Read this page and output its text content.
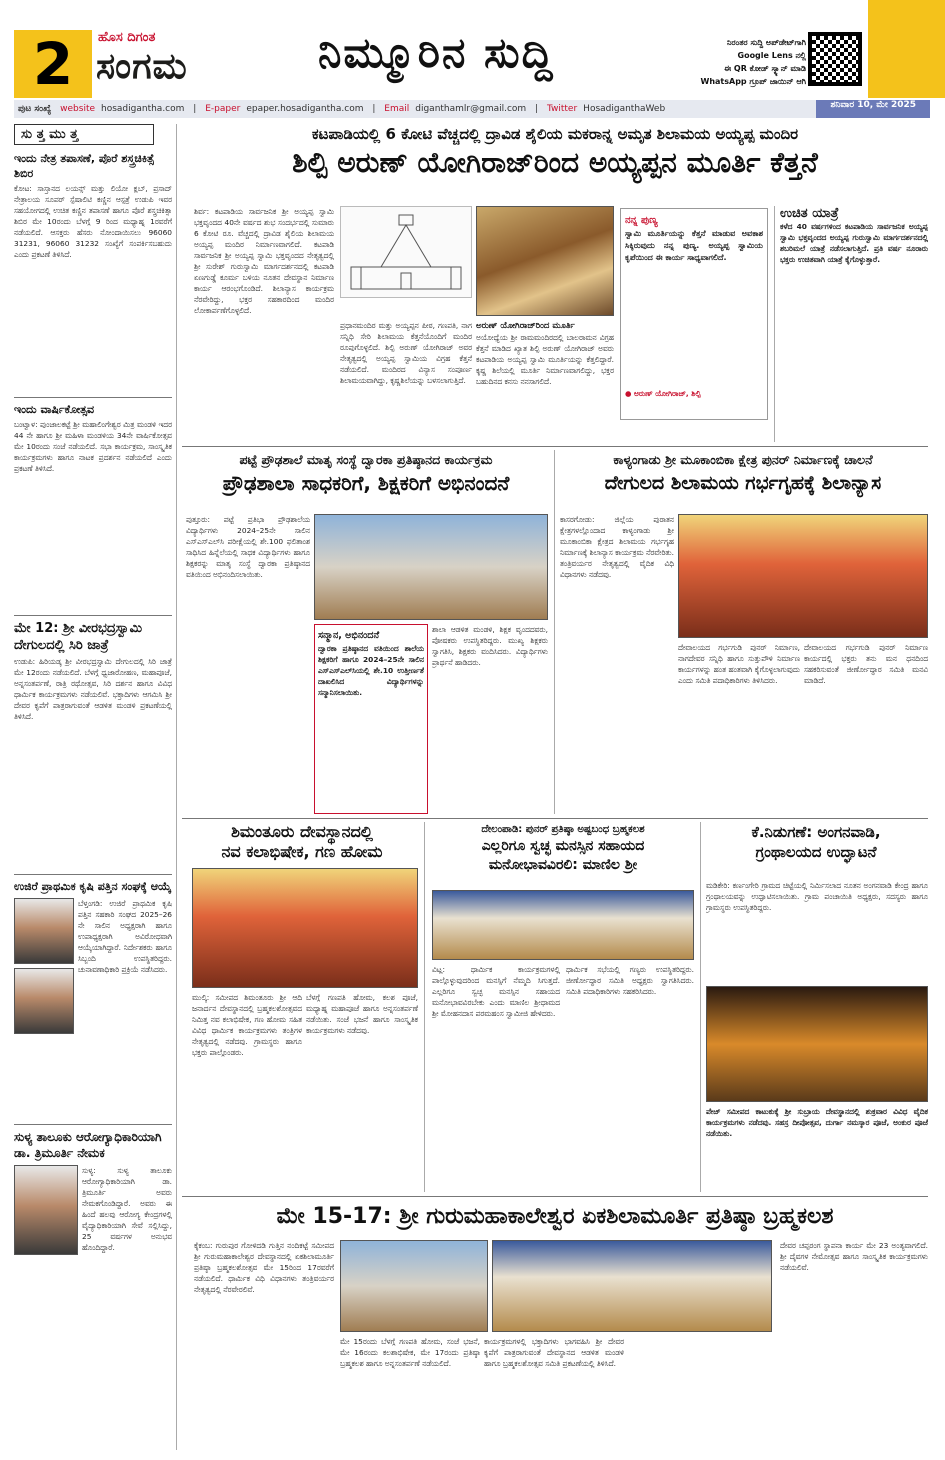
2	ಹೊಸ ದಿಗಂತ
ಸಂಗಮ	ನಿಮ್ಮೂರಿನ ಸುದ್ದಿ	ನಿರಂತರ ಸುದ್ದಿ ಅಪ್‌ಡೇಟ್‌ಗಾಗಿ
Google Lens ನಲ್ಲಿ
ಈ QR ಕೋಡ್ ಸ್ಕ್ಯಾನ್ ಮಾಡಿ
WhatsApp ಗ್ರೂಪ್ ಜಾಯಿನ್ ಆಗಿ
ಪುಟ ಸಂಖ್ಯೆ website hosadigantha.com | E-paper epaper.hosadigantha.com | Email diganthamlr@gmail.com | Twitter HosadiganthaWeb	ಶನಿವಾರ 10, ಮೇ 2025
ಸು ತ್ತ ಮು ತ್ತ
ಇಂದು ನೇತ್ರ ತಪಾಸಣೆ, ಪೊರೆ ಶಸ್ತ್ರಚಿಕಿತ್ಸೆ ಶಿಬಿರ
ಕೋಟ: ಸಾಸ್ತಾನದ ಲಯನ್ಸ್ ಮತ್ತು ಲಿಯೋ ಕ್ಲಬ್, ಪ್ರಸಾದ್ ನೇತ್ರಾಲಯ ಸೂಪರ್ ಸ್ಪೆಷಾಲಿಟಿ ಕಣ್ಣಿನ ಆಸ್ಪತ್ರೆ ಉಡುಪಿ ಇವರ ಸಹಯೋಗದಲ್ಲಿ ಉಚಿತ ಕಣ್ಣಿನ ತಪಾಸಣೆ ಹಾಗೂ ಪೊರೆ ಶಸ್ತ್ರಚಿಕಿತ್ಸಾ ಶಿಬಿರ ಮೇ 10ರಂದು ಬೆಳಗ್ಗೆ 9 ರಿಂದ ಮಧ್ಯಾಹ್ನ 1ರವರೆಗೆ ನಡೆಯಲಿದೆ. ಆಸಕ್ತರು ಹೆಸರು ನೋಂದಾಯಿಸಲು 96060 31231, 96060 31232 ಸಂಖ್ಯೆಗೆ ಸಂಪರ್ಕಿಸಬಹುದು ಎಂದು ಪ್ರಕಟಣೆ ತಿಳಿಸಿದೆ.
ಇಂದು ವಾರ್ಷಿಕೋತ್ಸವ
ಬಂಟ್ವಾಳ: ಪುಂಜಾಲಕಟ್ಟೆ ಶ್ರೀ ಮಹಾಲಿಂಗೇಶ್ವರ ಮಿತ್ರ ಮಂಡಳಿ ಇದರ 44 ನೇ ಹಾಗೂ ಶ್ರೀ ಮಹಿಳಾ ಮಂಡಳಿಯ 34ನೇ ವಾರ್ಷಿಕೋತ್ಸವ ಮೇ 10ರಂದು ಸಂಜೆ ನಡೆಯಲಿದೆ. ಸಭಾ ಕಾರ್ಯಕ್ರಮ, ಸಾಂಸ್ಕೃತಿಕ ಕಾರ್ಯಕ್ರಮಗಳು ಹಾಗೂ ನಾಟಕ ಪ್ರದರ್ಶನ ನಡೆಯಲಿದೆ ಎಂದು ಪ್ರಕಟಣೆ ತಿಳಿಸಿದೆ.
ಮೇ 12: ಶ್ರೀ ವೀರಭದ್ರಸ್ವಾಮಿ ದೇಗುಲದಲ್ಲಿ ಸಿರಿ ಜಾತ್ರೆ
ಉಡುಪಿ: ಹಿರಿಯಡ್ಕ ಶ್ರೀ ವೀರಭದ್ರಸ್ವಾಮಿ ದೇಗುಲದಲ್ಲಿ ಸಿರಿ ಜಾತ್ರೆ ಮೇ 12ರಂದು ನಡೆಯಲಿದೆ. ಬೆಳಗ್ಗೆ ಧ್ವಜಾರೋಹಣ, ಮಹಾಪೂಜೆ, ಅನ್ನಸಂತರ್ಪಣೆ, ರಾತ್ರಿ ರಥೋತ್ಸವ, ಸಿರಿ ದರ್ಶನ ಹಾಗೂ ವಿವಿಧ ಧಾರ್ಮಿಕ ಕಾರ್ಯಕ್ರಮಗಳು ನಡೆಯಲಿವೆ. ಭಕ್ತಾದಿಗಳು ಆಗಮಿಸಿ ಶ್ರೀ ದೇವರ ಕೃಪೆಗೆ ಪಾತ್ರರಾಗುವಂತೆ ಆಡಳಿತ ಮಂಡಳಿ ಪ್ರಕಟಣೆಯಲ್ಲಿ ತಿಳಿಸಿದೆ.
ಉಜಿರೆ ಪ್ರಾಥಮಿಕ ಕೃಷಿ ಪತ್ತಿನ ಸಂಘಕ್ಕೆ ಆಯ್ಕೆ
ಬೆಳ್ತಂಗಡಿ: ಉಜಿರೆ ಪ್ರಾಥಮಿಕ ಕೃಷಿ ಪತ್ತಿನ ಸಹಕಾರಿ ಸಂಘದ 2025–26 ನೇ ಸಾಲಿನ ಅಧ್ಯಕ್ಷರಾಗಿ ಹಾಗೂ ಉಪಾಧ್ಯಕ್ಷರಾಗಿ ಅವಿರೋಧವಾಗಿ ಆಯ್ಕೆಯಾಗಿದ್ದಾರೆ. ನಿರ್ದೇಶಕರು ಹಾಗೂ ಸಿಬ್ಬಂದಿ ಉಪಸ್ಥಿತರಿದ್ದರು. ಚುನಾವಣಾಧಿಕಾರಿ ಪ್ರಕ್ರಿಯೆ ನಡೆಸಿದರು.
ಸುಳ್ಯ ತಾಲೂಕು ಆರೋಗ್ಯಾಧಿಕಾರಿಯಾಗಿ ಡಾ. ತ್ರಿಮೂರ್ತಿ ನೇಮಕ
ಸುಳ್ಯ: ಸುಳ್ಯ ತಾಲೂಕು ಆರೋಗ್ಯಾಧಿಕಾರಿಯಾಗಿ ಡಾ. ತ್ರಿಮೂರ್ತಿ ಅವರು ನೇಮಕಗೊಂಡಿದ್ದಾರೆ. ಅವರು ಈ ಹಿಂದೆ ಹಲವು ಆರೋಗ್ಯ ಕೇಂದ್ರಗಳಲ್ಲಿ ವೈದ್ಯಾಧಿಕಾರಿಯಾಗಿ ಸೇವೆ ಸಲ್ಲಿಸಿದ್ದು, 25 ವರ್ಷಗಳ ಅನುಭವ ಹೊಂದಿದ್ದಾರೆ.
ಕಟಪಾಡಿಯಲ್ಲಿ 6 ಕೋಟಿ ವೆಚ್ಚದಲ್ಲಿ ದ್ರಾವಿಡ ಶೈಲಿಯ ಮಕರಾನ್ನ ಅಮೃತ ಶಿಲಾಮಯ ಅಯ್ಯಪ್ಪ ಮಂದಿರ
ಶಿಲ್ಪಿ ಅರುಣ್ ಯೋಗಿರಾಜ್‌ರಿಂದ ಅಯ್ಯಪ್ಪನ ಮೂರ್ತಿ ಕೆತ್ತನೆ
ಶಿರ್ವ: ಕಟಪಾಡಿಯ ಸಾರ್ವಜನಿಕ ಶ್ರೀ ಅಯ್ಯಪ್ಪ ಸ್ವಾಮಿ ಭಕ್ತವೃಂದದ 40ನೇ ವರ್ಷದ ಶುಭ ಸಂದರ್ಭದಲ್ಲಿ ಸುಮಾರು 6 ಕೋಟಿ ರೂ. ವೆಚ್ಚದಲ್ಲಿ ದ್ರಾವಿಡ ಶೈಲಿಯ ಶಿಲಾಮಯ ಅಯ್ಯಪ್ಪ ಮಂದಿರ ನಿರ್ಮಾಣವಾಗಲಿದೆ. ಕಟಪಾಡಿ ಸಾರ್ವಜನಿಕ ಶ್ರೀ ಅಯ್ಯಪ್ಪ ಸ್ವಾಮಿ ಭಕ್ತವೃಂದದ ನೇತೃತ್ವದಲ್ಲಿ ಶ್ರೀ ಸುರೇಶ್ ಗುರುಸ್ವಾಮಿ ಮಾರ್ಗದರ್ಶನದಲ್ಲಿ ಕಟಪಾಡಿ ಏಣಗುಡ್ಡೆ ಕೂರ್ಮ ಬಳಿಯ ನೂತನ ದೇವಸ್ಥಾನ ನಿರ್ಮಾಣ ಕಾರ್ಯ ಆರಂಭಗೊಂಡಿದೆ. ಶಿಲಾನ್ಯಾಸ ಕಾರ್ಯಕ್ರಮ ನೆರವೇರಿದ್ದು, ಭಕ್ತರ ಸಹಕಾರದಿಂದ ಮಂದಿರ ಲೋಕಾರ್ಪಣೆಗೊಳ್ಳಲಿದೆ.
ಪ್ರಧಾನಮಂದಿರ ಮತ್ತು ಅಯ್ಯಪ್ಪನ ಪೀಠ, ಗಣಪತಿ, ನಾಗ ಸನ್ನಿಧಿ ಸೇರಿ ಶಿಲಾಮಯ ಕೆತ್ತನೆಯೊಂದಿಗೆ ಮಂದಿರ ರೂಪುಗೊಳ್ಳಲಿದೆ. ಶಿಲ್ಪಿ ಅರುಣ್ ಯೋಗಿರಾಜ್ ಅವರ ನೇತೃತ್ವದಲ್ಲಿ ಅಯ್ಯಪ್ಪ ಸ್ವಾಮಿಯ ವಿಗ್ರಹ ಕೆತ್ತನೆ ನಡೆಯಲಿದೆ. ಮಂದಿರದ ವಿನ್ಯಾಸ ಸಂಪೂರ್ಣ ಶಿಲಾಮಯವಾಗಿದ್ದು, ಕೃಷ್ಣಶಿಲೆಯನ್ನು ಬಳಸಲಾಗುತ್ತಿದೆ.
ಅರುಣ್ ಯೋಗಿರಾಜ್‌ರಿಂದ ಮೂರ್ತಿ
ಅಯೋಧ್ಯೆಯ ಶ್ರೀ ರಾಮಮಂದಿರದಲ್ಲಿ ಬಾಲರಾಮನ ವಿಗ್ರಹ ಕೆತ್ತನೆ ಮಾಡಿದ ಖ್ಯಾತ ಶಿಲ್ಪಿ ಅರುಣ್ ಯೋಗಿರಾಜ್ ಅವರು ಕಟಪಾಡಿಯ ಅಯ್ಯಪ್ಪ ಸ್ವಾಮಿ ಮೂರ್ತಿಯನ್ನು ಕೆತ್ತಲಿದ್ದಾರೆ. ಕೃಷ್ಣ ಶಿಲೆಯಲ್ಲಿ ಮೂರ್ತಿ ನಿರ್ಮಾಣವಾಗಲಿದ್ದು, ಭಕ್ತರ ಬಹುದಿನದ ಕನಸು ನನಸಾಗಲಿದೆ.
ನನ್ನ ಪುಣ್ಯ
ಸ್ವಾಮಿ ಮೂರ್ತಿಯನ್ನು ಕೆತ್ತನೆ ಮಾಡುವ ಅವಕಾಶ ಸಿಕ್ಕಿರುವುದು ನನ್ನ ಪುಣ್ಯ. ಅಯ್ಯಪ್ಪ ಸ್ವಾಮಿಯ ಕೃಪೆಯಿಂದ ಈ ಕಾರ್ಯ ಸಾಧ್ಯವಾಗಲಿದೆ.
● ಅರುಣ್ ಯೋಗಿರಾಜ್, ಶಿಲ್ಪಿ
ಉಚಿತ ಯಾತ್ರೆ
ಕಳೆದ 40 ವರ್ಷಗಳಿಂದ ಕಟಪಾಡಿಯ ಸಾರ್ವಜನಿಕ ಅಯ್ಯಪ್ಪ ಸ್ವಾಮಿ ಭಕ್ತವೃಂದದ ಅಯ್ಯಪ್ಪ ಗುರುಸ್ವಾಮಿ ಮಾರ್ಗದರ್ಶನದಲ್ಲಿ ಶಬರಿಮಲೆ ಯಾತ್ರೆ ನಡೆಸಲಾಗುತ್ತಿದೆ. ಪ್ರತಿ ವರ್ಷ ನೂರಾರು ಭಕ್ತರು ಉಚಿತವಾಗಿ ಯಾತ್ರೆ ಕೈಗೊಳ್ಳುತ್ತಾರೆ.
ಪಟ್ಟೆ ಪ್ರೌಢಶಾಲೆ ಮಾತೃ ಸಂಸ್ಥೆ ದ್ವಾರಕಾ ಪ್ರತಿಷ್ಠಾನದ ಕಾರ್ಯಕ್ರಮ
ಪ್ರೌಢಶಾಲಾ ಸಾಧಕರಿಗೆ, ಶಿಕ್ಷಕರಿಗೆ ಅಭಿನಂದನೆ
ಪುತ್ತೂರು: ಪಟ್ಟೆ ಪ್ರತಿಭಾ ಪ್ರೌಢಶಾಲೆಯ ವಿದ್ಯಾರ್ಥಿಗಳು 2024–25ನೇ ಸಾಲಿನ ಎಸ್ಎಸ್ಎಲ್‌ಸಿ ಪರೀಕ್ಷೆಯಲ್ಲಿ ಶೇ.100 ಫಲಿತಾಂಶ ಸಾಧಿಸಿದ ಹಿನ್ನೆಲೆಯಲ್ಲಿ ಸಾಧಕ ವಿದ್ಯಾರ್ಥಿಗಳು ಹಾಗೂ ಶಿಕ್ಷಕರನ್ನು ಮಾತೃ ಸಂಸ್ಥೆ ದ್ವಾರಕಾ ಪ್ರತಿಷ್ಠಾನದ ವತಿಯಿಂದ ಅಭಿನಂದಿಸಲಾಯಿತು.
ಸನ್ಮಾನ, ಅಭಿನಂದನೆ
ದ್ವಾರಕಾ ಪ್ರತಿಷ್ಠಾನದ ವತಿಯಿಂದ ಶಾಲೆಯ ಶಿಕ್ಷಕರಿಗೆ ಹಾಗೂ 2024–25ನೇ ಸಾಲಿನ ಎಸ್ಎಸ್ಎಲ್‌ಸಿಯಲ್ಲಿ ಶೇ.10 ಉತ್ತೀರ್ಣತೆ ದಾಖಲಿಸಿದ ವಿದ್ಯಾರ್ಥಿಗಳನ್ನು ಸನ್ಮಾನಿಸಲಾಯಿತು.
ಶಾಲಾ ಆಡಳಿತ ಮಂಡಳಿ, ಶಿಕ್ಷಕ ವೃಂದದವರು, ಪೋಷಕರು ಉಪಸ್ಥಿತರಿದ್ದರು. ಮುಖ್ಯ ಶಿಕ್ಷಕರು ಸ್ವಾಗತಿಸಿ, ಶಿಕ್ಷಕರು ವಂದಿಸಿದರು. ವಿದ್ಯಾರ್ಥಿಗಳು ಪ್ರಾರ್ಥನೆ ಹಾಡಿದರು.
ಕಾಳ್ಯಂಗಾಡು ಶ್ರೀ ಮೂಕಾಂಬಿಕಾ ಕ್ಷೇತ್ರ ಪುನರ್ ನಿರ್ಮಾಣಕ್ಕೆ ಚಾಲನೆ
ದೇಗುಲದ ಶಿಲಾಮಯ ಗರ್ಭಗೃಹಕ್ಕೆ ಶಿಲಾನ್ಯಾಸ
ಕಾಸರಗೋಡು: ಜಿಲ್ಲೆಯ ಪುರಾತನ ಕ್ಷೇತ್ರಗಳಲ್ಲೊಂದಾದ ಕಾಳ್ಯಂಗಾಡು ಶ್ರೀ ಮೂಕಾಂಬಿಕಾ ಕ್ಷೇತ್ರದ ಶಿಲಾಮಯ ಗರ್ಭಗೃಹ ನಿರ್ಮಾಣಕ್ಕೆ ಶಿಲಾನ್ಯಾಸ ಕಾರ್ಯಕ್ರಮ ನೆರವೇರಿತು. ತಂತ್ರಿವರ್ಯರ ನೇತೃತ್ವದಲ್ಲಿ ವೈದಿಕ ವಿಧಿ ವಿಧಾನಗಳು ನಡೆದವು.
ದೇವಾಲಯದ ಗರ್ಭಗುಡಿ ಪುನರ್ ನಿರ್ಮಾಣ, ನಾಗದೇವರ ಸನ್ನಿಧಿ ಹಾಗೂ ಸುತ್ತುಪೌಳಿ ನಿರ್ಮಾಣ ಕಾರ್ಯಗಳನ್ನು ಹಂತ ಹಂತವಾಗಿ ಕೈಗೊಳ್ಳಲಾಗುವುದು ಎಂದು ಸಮಿತಿ ಪದಾಧಿಕಾರಿಗಳು ತಿಳಿಸಿದರು.
ದೇವಾಲಯದ ಗರ್ಭಗುಡಿ ಪುನರ್ ನಿರ್ಮಾಣ ಕಾರ್ಯದಲ್ಲಿ ಭಕ್ತರು ತನು ಮನ ಧನದಿಂದ ಸಹಕರಿಸುವಂತೆ ಜೀರ್ಣೋದ್ಧಾರ ಸಮಿತಿ ಮನವಿ ಮಾಡಿದೆ.
ಶಿಮಂತೂರು ದೇವಸ್ಥಾನದಲ್ಲಿ
ನವ ಕಲಾಭಿಷೇಕ, ಗಣ ಹೋಮ
ಮುಲ್ಕಿ: ಸಮೀಪದ ಶಿಮಂತೂರು ಶ್ರೀ ಆದಿ ಜನಾರ್ದನ ದೇವಸ್ಥಾನದಲ್ಲಿ ಬ್ರಹ್ಮಕಲಶೋತ್ಸವದ ನಿಮಿತ್ತ ನವ ಕಲಾಭಿಷೇಕ, ಗಣ ಹೋಮ ಸಹಿತ ವಿವಿಧ ಧಾರ್ಮಿಕ ಕಾರ್ಯಕ್ರಮಗಳು ತಂತ್ರಿಗಳ ನೇತೃತ್ವದಲ್ಲಿ ನಡೆದವು. ಗ್ರಾಮಸ್ಥರು ಹಾಗೂ ಭಕ್ತರು ಪಾಲ್ಗೊಂಡರು.
ಬೆಳಗ್ಗೆ ಗಣಪತಿ ಹೋಮ, ಕಲಶ ಪೂಜೆ, ಮಧ್ಯಾಹ್ನ ಮಹಾಪೂಜೆ ಹಾಗೂ ಅನ್ನಸಂತರ್ಪಣೆ ನಡೆಯಿತು. ಸಂಜೆ ಭಜನೆ ಹಾಗೂ ಸಾಂಸ್ಕೃತಿಕ ಕಾರ್ಯಕ್ರಮಗಳು ನಡೆದವು.
ದೇಲಂಪಾಡಿ: ಪುನರ್ ಪ್ರತಿಷ್ಠಾ ಅಷ್ಟಬಂಧ ಬ್ರಹ್ಮಕಲಶ
ಎಲ್ಲರಿಗೂ ಸ್ವಚ್ಛ ಮನಸ್ಸಿನ ಸಹಾಯದ
ಮನೋಭಾವವಿರಲಿ: ಮಾಣಿಲ ಶ್ರೀ
ವಿಟ್ಲ: ಧಾರ್ಮಿಕ ಕಾರ್ಯಕ್ರಮಗಳಲ್ಲಿ ಪಾಲ್ಗೊಳ್ಳುವುದರಿಂದ ಮನಸ್ಸಿಗೆ ನೆಮ್ಮದಿ ಸಿಗುತ್ತದೆ. ಎಲ್ಲರಿಗೂ ಸ್ವಚ್ಛ ಮನಸ್ಸಿನ ಸಹಾಯದ ಮನೋಭಾವವಿರಬೇಕು ಎಂದು ಮಾಣಿಲ ಶ್ರೀಧಾಮದ ಶ್ರೀ ಮೋಹನದಾಸ ಪರಮಹಂಸ ಸ್ವಾಮೀಜಿ ಹೇಳಿದರು.
ಧಾರ್ಮಿಕ ಸಭೆಯಲ್ಲಿ ಗಣ್ಯರು ಉಪಸ್ಥಿತರಿದ್ದರು. ಜೀರ್ಣೋದ್ಧಾರ ಸಮಿತಿ ಅಧ್ಯಕ್ಷರು ಸ್ವಾಗತಿಸಿದರು. ಸಮಿತಿ ಪದಾಧಿಕಾರಿಗಳು ಸಹಕರಿಸಿದರು.
ಕೆ.ನಿಡುಗಣೆ: ಅಂಗನವಾಡಿ,
ಗ್ರಂಥಾಲಯದ ಉದ್ಘಾಟನೆ
ಮಡಿಕೇರಿ: ಕರ್ಣಂಗೇರಿ ಗ್ರಾಮದ ಚಿಟ್ಟೆಯಲ್ಲಿ ನಿರ್ಮಿಸಲಾದ ನೂತನ ಅಂಗನವಾಡಿ ಕೇಂದ್ರ ಹಾಗೂ ಗ್ರಂಥಾಲಯವನ್ನು ಉದ್ಘಾಟಿಸಲಾಯಿತು. ಗ್ರಾಮ ಪಂಚಾಯಿತಿ ಅಧ್ಯಕ್ಷರು, ಸದಸ್ಯರು ಹಾಗೂ ಗ್ರಾಮಸ್ಥರು ಉಪಸ್ಥಿತರಿದ್ದರು.
ಪೇಜ್ ಸಮೀಪದ ಕಾಟುಕುಕ್ಕೆ ಶ್ರೀ ಸುಬ್ರಾಯ ದೇವಸ್ಥಾನದಲ್ಲಿ ಶುಕ್ರವಾರ ವಿವಿಧ ವೈದಿಕ ಕಾರ್ಯಕ್ರಮಗಳು ನಡೆದವು. ಸಹಸ್ರ ದೀಪೋತ್ಸವ, ದುರ್ಗಾ ನಮಸ್ಕಾರ ಪೂಜೆ, ಅಂಕುರ ಪೂಜೆ ನಡೆಯಿತು.
ಮೇ 15-17: ಶ್ರೀ ಗುರುಮಹಾಕಾಲೇಶ್ವರ ಏಕಶಿಲಾಮೂರ್ತಿ ಪ್ರತಿಷ್ಠಾ ಬ್ರಹ್ಮಕಲಶ
ಕೈಕಂಬ: ಗುರುಪುರ ಗೋಳಿದಡಿ ಗುತ್ತಿನ ನಂದಿಕಟ್ಟೆ ಸಮೀಪದ ಶ್ರೀ ಗುರುಮಹಾಕಾಲೇಶ್ವರ ದೇವಸ್ಥಾನದಲ್ಲಿ ಏಕಶಿಲಾಮೂರ್ತಿ ಪ್ರತಿಷ್ಠಾ ಬ್ರಹ್ಮಕಲಶೋತ್ಸವ ಮೇ 15ರಿಂದ 17ರವರೆಗೆ ನಡೆಯಲಿದೆ. ಧಾರ್ಮಿಕ ವಿಧಿ ವಿಧಾನಗಳು ತಂತ್ರಿವರ್ಯರ ನೇತೃತ್ವದಲ್ಲಿ ನೆರವೇರಲಿವೆ.
ಮೇ 15ರಂದು ಬೆಳಗ್ಗೆ ಗಣಪತಿ ಹೋಮ, ಸಂಜೆ ಭಜನೆ, ಮೇ 16ರಂದು ಕಲಶಾಭಿಷೇಕ, ಮೇ 17ರಂದು ಪ್ರತಿಷ್ಠಾ ಬ್ರಹ್ಮಕಲಶ ಹಾಗೂ ಅನ್ನಸಂತರ್ಪಣೆ ನಡೆಯಲಿದೆ.
ಕಾರ್ಯಕ್ರಮಗಳಲ್ಲಿ ಭಕ್ತಾದಿಗಳು ಭಾಗವಹಿಸಿ ಶ್ರೀ ದೇವರ ಕೃಪೆಗೆ ಪಾತ್ರರಾಗುವಂತೆ ದೇವಸ್ಥಾನದ ಆಡಳಿತ ಮಂಡಳಿ ಹಾಗೂ ಬ್ರಹ್ಮಕಲಶೋತ್ಸವ ಸಮಿತಿ ಪ್ರಕಟಣೆಯಲ್ಲಿ ತಿಳಿಸಿದೆ.
ದೇವರ ಚಪ್ಪರಂಗ ಸ್ಥಾಪನಾ ಕಾರ್ಯ ಮೇ 23 ಅಂತ್ಯವಾಗಲಿದೆ. ಶ್ರೀ ದೈವಗಳ ನೇಮೋತ್ಸವ ಹಾಗೂ ಸಾಂಸ್ಕೃತಿಕ ಕಾರ್ಯಕ್ರಮಗಳು ನಡೆಯಲಿವೆ.
